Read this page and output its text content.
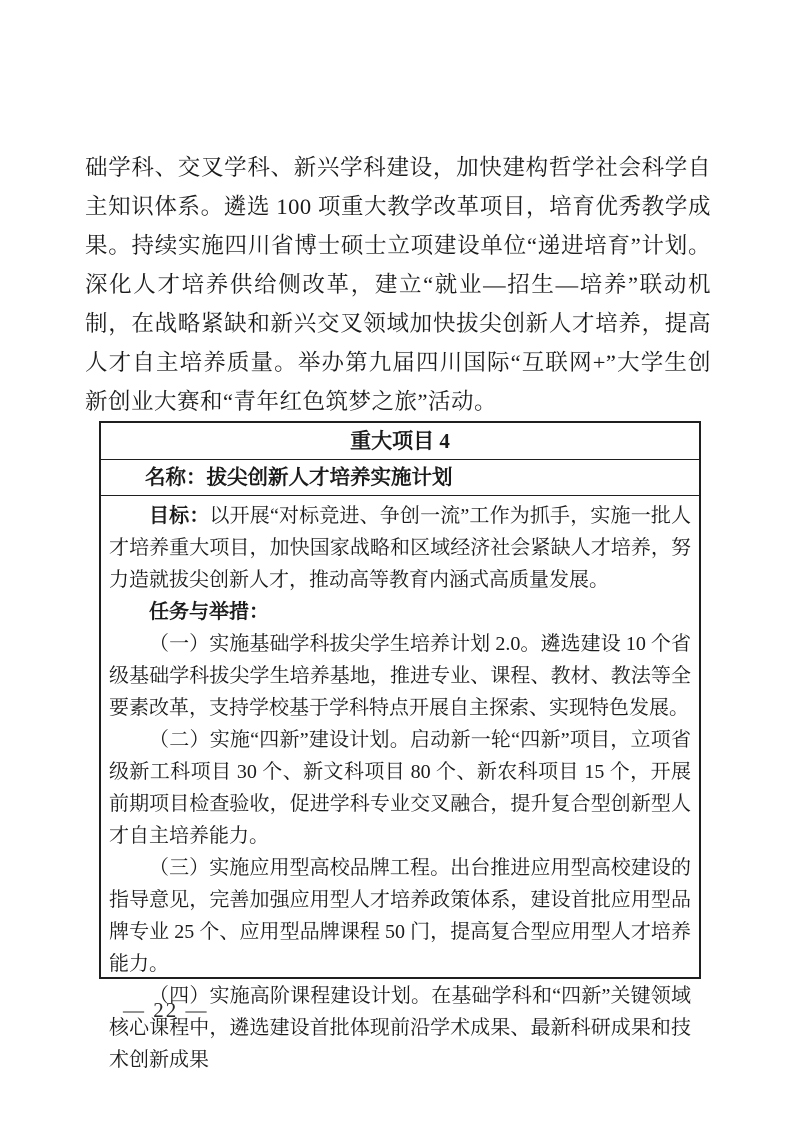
础学科、交叉学科、新兴学科建设，加快建构哲学社会科学自主知识体系。遴选 100 项重大教学改革项目，培育优秀教学成果。持续实施四川省博士硕士立项建设单位“递进培育”计划。深化人才培养供给侧改革，建立“就业—招生—培养”联动机制，在战略紧缺和新兴交叉领域加快拔尖创新人才培养，提高人才自主培养质量。举办第九届四川国际“互联网+”大学生创新创业大赛和“青年红色筑梦之旅”活动。
重大项目 4
名称：拔尖创新人才培养实施计划

目标：以开展“对标竞进、争创一流”工作为抓手，实施一批人才培养重大项目，加快国家战略和区域经济社会紧缺人才培养，努力造就拔尖创新人才，推动高等教育内涵式高质量发展。

任务与举措：

（一）实施基础学科拔尖学生培养计划 2.0。遴选建设 10 个省级基础学科拔尖学生培养基地，推进专业、课程、教材、教法等全要素改革，支持学校基于学科特点开展自主探索、实现特色发展。

（二）实施“四新”建设计划。启动新一轮“四新”项目，立项省级新工科项目 30 个、新文科项目 80 个、新农科项目 15 个，开展前期项目检查验收，促进学科专业交叉融合，提升复合型创新型人才自主培养能力。

（三）实施应用型高校品牌工程。出台推进应用型高校建设的指导意见，完善加强应用型人才培养政策体系，建设首批应用型品牌专业 25 个、应用型品牌课程 50 门，提高复合型应用型人才培养能力。

（四）实施高阶课程建设计划。在基础学科和“四新”关键领域核心课程中，遴选建设首批体现前沿学术成果、最新科研成果和技术创新成果

— 22 —
